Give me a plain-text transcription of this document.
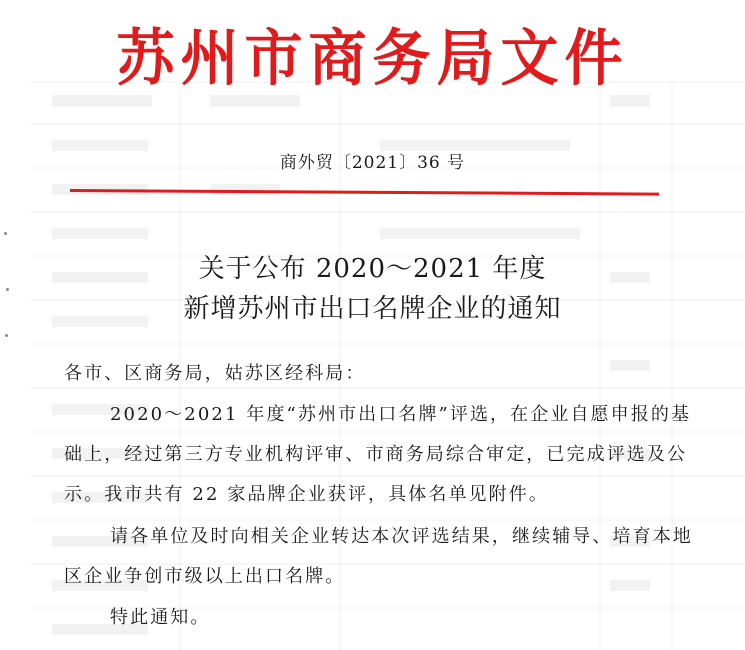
苏州市商务局文件
商外贸〔2021〕36 号
关于公布 2020～2021 年度
新增苏州市出口名牌企业的通知
各市、区商务局，姑苏区经科局：
2020～2021 年度“苏州市出口名牌”评选，在企业自愿申报的基础上，经过第三方专业机构评审、市商务局综合审定，已完成评选及公示。我市共有 22 家品牌企业获评，具体名单见附件。
请各单位及时向相关企业转达本次评选结果，继续辅导、培育本地区企业争创市级以上出口名牌。
特此通知。
